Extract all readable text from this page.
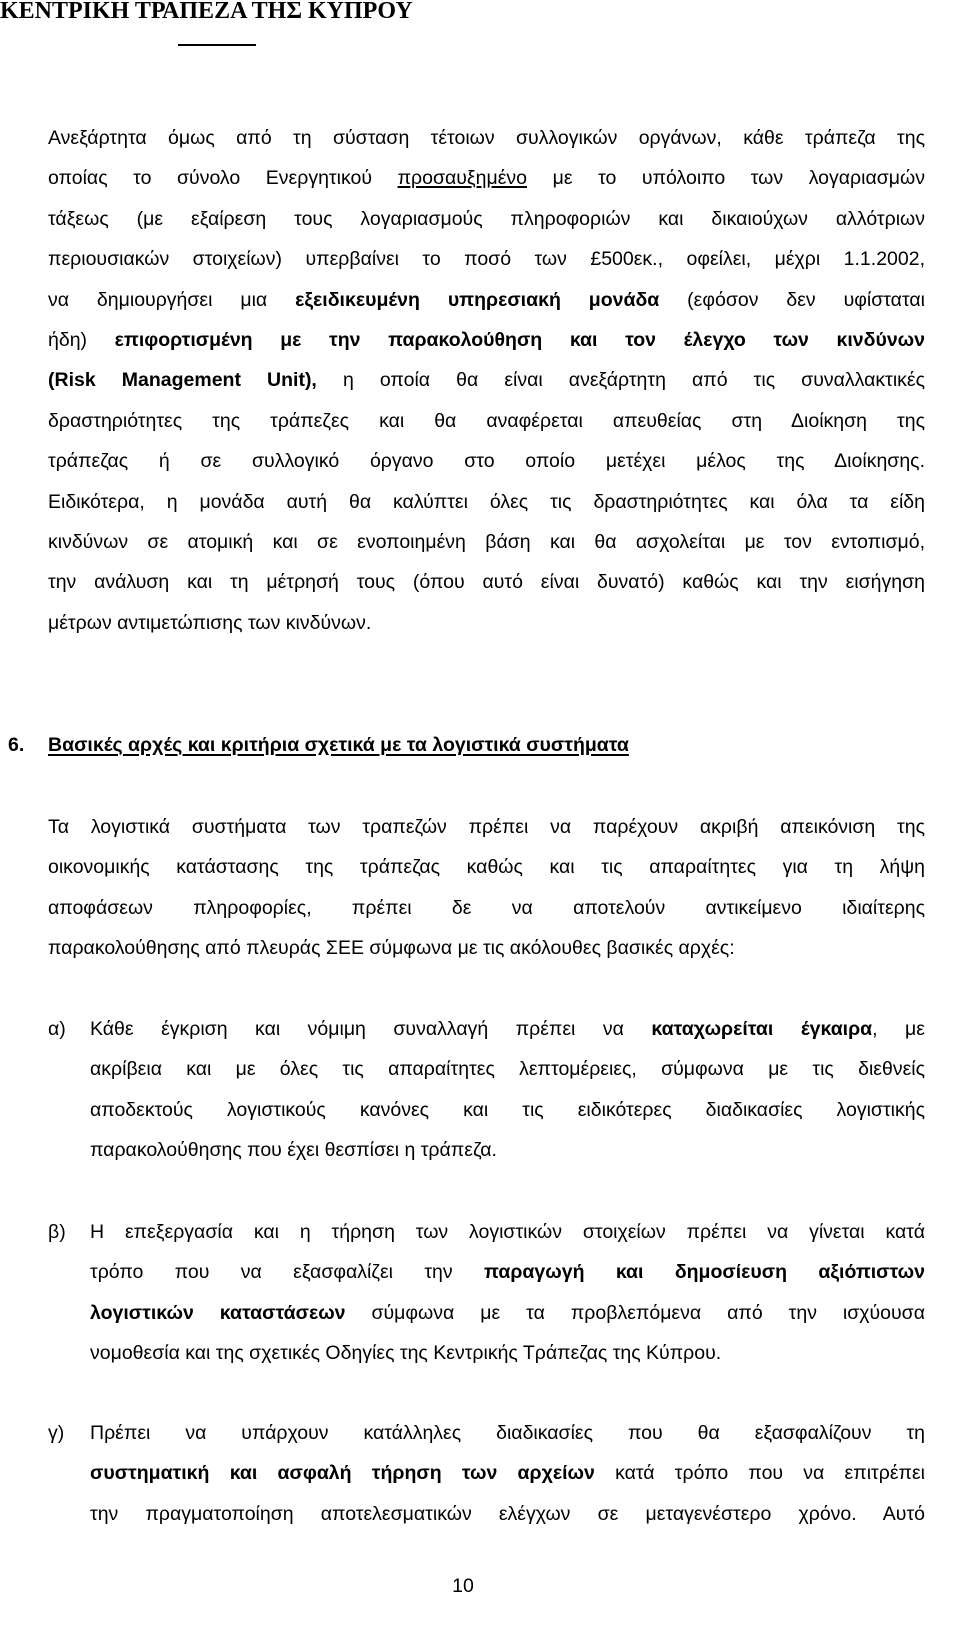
ΚΕΝΤΡΙΚΗ ΤΡΑΠΕΖΑ ΤΗΣ ΚΥΠΡΟΥ
Ανεξάρτητα όμως από τη σύσταση τέτοιων συλλογικών οργάνων, κάθε τράπεζα της
οποίας το σύνολο Ενεργητικού προσαυξημένο με το υπόλοιπο των λογαριασμών
τάξεως (με εξαίρεση τους λογαριασμούς πληροφοριών και δικαιούχων αλλότριων
περιουσιακών στοιχείων) υπερβαίνει το ποσό των £500εκ., οφείλει, μέχρι 1.1.2002,
να δημιουργήσει μια εξειδικευμένη υπηρεσιακή μονάδα (εφόσον δεν υφίσταται
ήδη) επιφορτισμένη με την παρακολούθηση και τον έλεγχο των κινδύνων
(Risk Management Unit), η οποία θα είναι ανεξάρτητη από τις συναλλακτικές
δραστηριότητες της τράπεζες και θα αναφέρεται απευθείας στη Διοίκηση της
τράπεζας ή σε συλλογικό όργανο στο οποίο μετέχει μέλος της Διοίκησης.
Ειδικότερα, η μονάδα αυτή θα καλύπτει όλες τις δραστηριότητες και όλα τα είδη
κινδύνων σε ατομική και σε ενοποιημένη βάση και θα ασχολείται με τον εντοπισμό,
την ανάλυση και τη μέτρησή τους (όπου αυτό είναι δυνατό) καθώς και την εισήγηση
μέτρων αντιμετώπισης των κινδύνων.
6. Βασικές αρχές και κριτήρια σχετικά με τα λογιστικά συστήματα
Τα λογιστικά συστήματα των τραπεζών πρέπει να παρέχουν ακριβή απεικόνιση της
οικονομικής κατάστασης της τράπεζας καθώς και τις απαραίτητες για τη λήψη
αποφάσεων πληροφορίες, πρέπει δε να αποτελούν αντικείμενο ιδιαίτερης
παρακολούθησης από πλευράς ΣΕΕ σύμφωνα με τις ακόλουθες βασικές αρχές:
α) Κάθε έγκριση και νόμιμη συναλλαγή πρέπει να καταχωρείται έγκαιρα, με
ακρίβεια και με όλες τις απαραίτητες λεπτομέρειες, σύμφωνα με τις διεθνείς
αποδεκτούς λογιστικούς κανόνες και τις ειδικότερες διαδικασίες λογιστικής
παρακολούθησης που έχει θεσπίσει η τράπεζα.
β) Η επεξεργασία και η τήρηση των λογιστικών στοιχείων πρέπει να γίνεται κατά
τρόπο που να εξασφαλίζει την παραγωγή και δημοσίευση αξιόπιστων
λογιστικών καταστάσεων σύμφωνα με τα προβλεπόμενα από την ισχύουσα
νομοθεσία και της σχετικές Οδηγίες της Κεντρικής Τράπεζας της Κύπρου.
γ) Πρέπει να υπάρχουν κατάλληλες διαδικασίες που θα εξασφαλίζουν τη
συστηματική και ασφαλή τήρηση των αρχείων κατά τρόπο που να επιτρέπει
την πραγματοποίηση αποτελεσματικών ελέγχων σε μεταγενέστερο χρόνο. Αυτό
10
